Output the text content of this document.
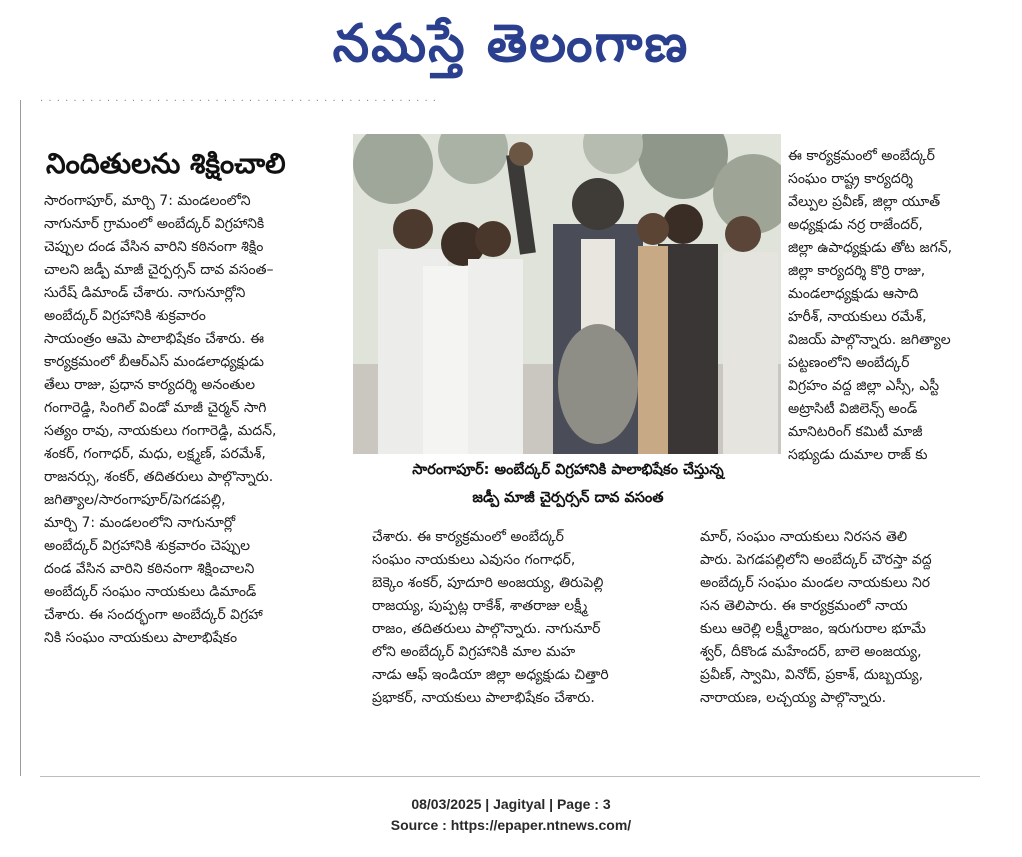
నమస్తే తెలంగాణ
· · · · · · · · · · · · · · · · · · · · · · · · · · · · · · · · · · · · · · · · · · · · · · · ·
నిందితులను శిక్షించాలి
సారంగాపూర్, మార్చి 7: మండలంలోని
నాగునూర్ గ్రామంలో అంబేద్కర్ విగ్రహానికి
చెప్పుల దండ వేసిన వారిని కఠినంగా శిక్షిం
చాలని జడ్పీ మాజీ చైర్పర్సన్ దావ వసంత–
సురేష్ డిమాండ్ చేశారు. నాగునూర్లోని
అంబేద్కర్ విగ్రహానికి శుక్రవారం
సాయంత్రం ఆమె పాలాభిషేకం చేశారు. ఈ
కార్యక్రమంలో బీఆర్ఎస్ మండలాధ్యక్షుడు
తేలు రాజు, ప్రధాన కార్యదర్శి అనంతుల
గంగారెడ్డి, సింగిల్ విండో మాజీ చైర్మన్ సాగి
సత్యం రావు, నాయకులు గంగారెడ్డి, మదన్,
శంకర్, గంగాధర్, మధు, లక్ష్మణ్, పరమేశ్,
రాజనర్సు, శంకర్, తదితరులు పాల్గొన్నారు.
జగిత్యాల/సారంగాపూర్/పెగడపల్లి,
మార్చి 7: మండలంలోని నాగునూర్లో
అంబేద్కర్ విగ్రహానికి శుక్రవారం చెప్పుల
దండ వేసిన వారిని కఠినంగా శిక్షించాలని
అంబేద్కర్ సంఘం నాయకులు డిమాండ్
చేశారు. ఈ సందర్భంగా అంబేద్కర్ విగ్రహా
నికి సంఘం నాయకులు పాలాభిషేకం
సారంగాపూర్: అంబేద్కర్ విగ్రహానికి పాలాభిషేకం చేస్తున్న
జడ్పీ మాజీ చైర్పర్సన్ దావ వసంత
చేశారు. ఈ కార్యక్రమంలో అంబేద్కర్
సంఘం నాయకులు ఎవుసం గంగాధర్,
బెక్కెం శంకర్, పూదూరి అంజయ్య, తిరుపెల్లి
రాజయ్య, పుప్పట్ల రాకేశ్, శాతరాజు లక్ష్మీ
రాజం, తదితరులు పాల్గొన్నారు. నాగునూర్
లోని అంబేద్కర్ విగ్రహానికి మాల మహ
నాడు ఆఫ్ ఇండియా జిల్లా అధ్యక్షుడు చిత్తారి
ప్రభాకర్, నాయకులు పాలాభిషేకం చేశారు.
ఈ కార్యక్రమంలో అంబేద్కర్
సంఘం రాష్ట్ర కార్యదర్శి
వేల్పుల ప్రవీణ్, జిల్లా యూత్
అధ్యక్షుడు నర్ర రాజేందర్,
జిల్లా ఉపాధ్యక్షుడు తోట జగన్,
జిల్లా కార్యదర్శి కొర్రి రాజు,
మండలాధ్యక్షుడు ఆసాది
హరీశ్, నాయకులు రమేశ్,
విజయ్ పాల్గొన్నారు. జగిత్యాల
పట్టణంలోని అంబేద్కర్
విగ్రహం వద్ద జిల్లా ఎస్సీ, ఎస్టీ
అట్రాసిటీ విజిలెన్స్ అండ్
మానిటరింగ్ కమిటీ మాజీ
సభ్యుడు దుమాల రాజ్ కు
మార్, సంఘం నాయకులు నిరసన తెలి
పారు. పెగడపల్లిలోని అంబేద్కర్ చౌరస్తా వద్ద
అంబేద్కర్ సంఘం మండల నాయకులు నిర
సన తెలిపారు. ఈ కార్యక్రమంలో నాయ
కులు ఆరెల్లి లక్ష్మీరాజం, ఇరుగురాల భూమే
శ్వర్, దీకొండ మహేందర్, బాలె అంజయ్య,
ప్రవీణ్, స్వామి, వినోద్, ప్రకాశ్, దుబ్బయ్య,
నారాయణ, లచ్చయ్య పాల్గొన్నారు.
08/03/2025 | Jagityal | Page : 3
Source : https://epaper.ntnews.com/
